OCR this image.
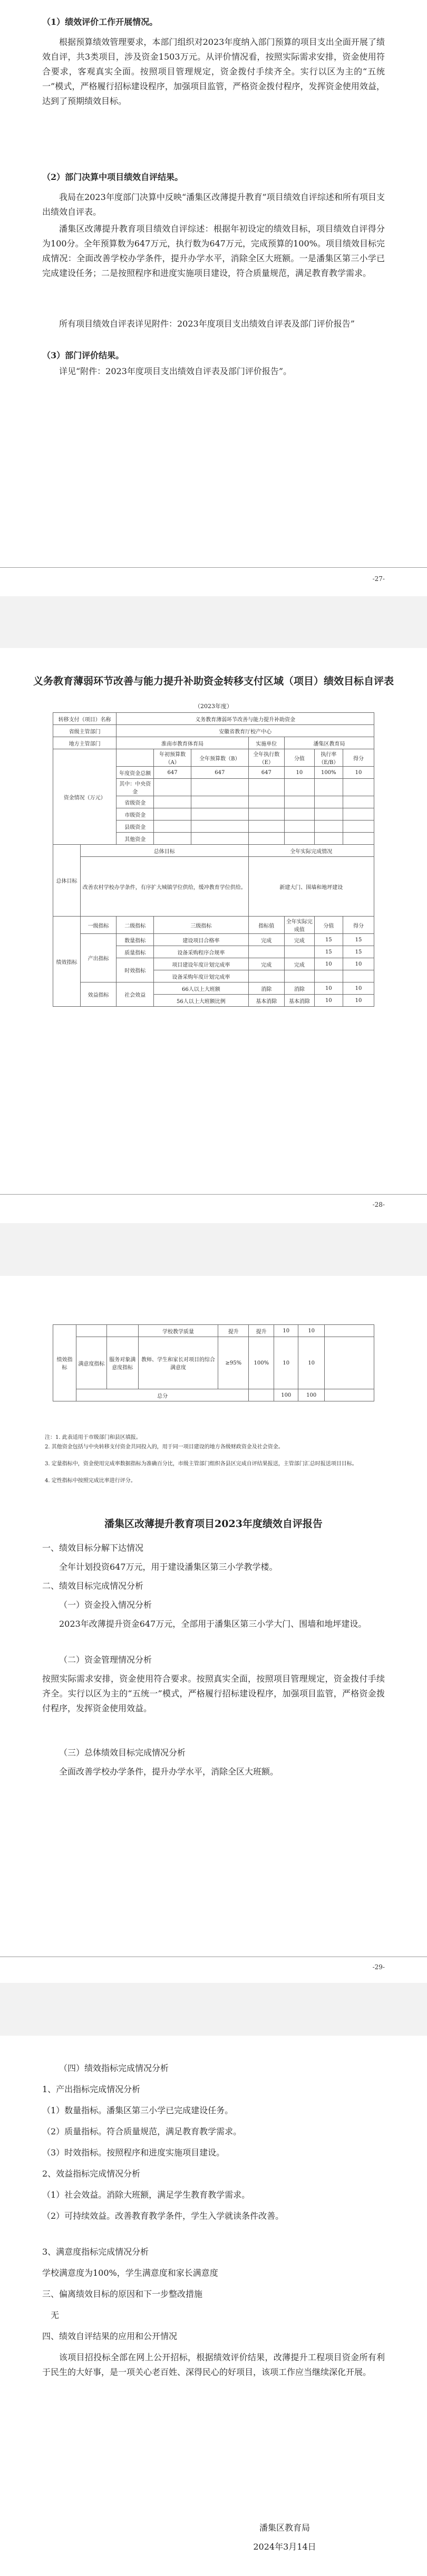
（1）绩效评价工作开展情况。
根据预算绩效管理要求，本部门组织对2023年度纳入部门预算的项目支出全面开展了绩效自评，共3类项目，涉及资金1503万元。从评价情况看，按照实际需求安排，资金使用符合要求，客观真实全面。按照项目管理规定，资金拨付手续齐全。实行以区为主的“五统一”模式，严格履行招标建设程序，加强项目监管，严格资金拨付程序，发挥资金使用效益，达到了预期绩效目标。
（2）部门决算中项目绩效自评结果。
我局在2023年度部门决算中反映“潘集区改薄提升教育”项目绩效自评综述和所有项目支出绩效自评表。
潘集区改薄提升教育项目绩效自评综述：根据年初设定的绩效目标，项目绩效自评得分为100分。全年预算数为647万元，执行数为647万元，完成预算的100%。项目绩效目标完成情况：全面改善学校办学条件，提升办学水平，消除全区大班额。一是潘集区第三小学已完成建设任务；二是按照程序和进度实施项目建设，符合质量规范，满足教育教学需求。
所有项目绩效自评表详见附件：2023年度项目支出绩效自评表及部门评价报告”
（3）部门评价结果。
详见“附件：2023年度项目支出绩效自评表及部门评价报告”。
-27-
义务教育薄弱环节改善与能力提升补助资金转移支付区域（项目）绩效目标自评表
（2023年度）
转移支付（项目）名称		义务教育薄弱环节改善与能力提升补助资金						
省级主管部门		安徽省教育厅校产中心						
地方主管部门		淮南市教育体育局			实施单位	潘集区教育局		
资金情况（万元）			年初预算数（A）	全年预算数（B）	全年执行数（E）	分值	执行率（E/B）	得分
		年度资金总额	647	647	647	10	100%	10
		其中：中央资金						
		省级资金						
		市级资金						
		县级资金						
		其他资金						
总体目标	总体目标				全年实际完成情况			
	改善农村学校办学条件，有序扩大城镇学位供给，缓冲教育学位供给。				新建大门、围墙和地坪建设			
绩效指标	一级指标	二级指标	三级指标		指标值	全年实际完成值	分值	得分
	产出指标	数量指标	建设项目合格率		完成	完成	15	15
		质量指标	设备采购程序合规率				15	15
		时效指标	项目建设年度计划完成率		完成	完成	10	10
			设备采购年度计划完成率					
	效益指标	社会效益	66人以上大班额		消除	消除	10	10
			56人以上大班额比例		基本消除	基本消除	10	10
-28-
绩效指标			学校教学质量	提升	提升	10	10	
	满意度指标	服务对象满意度指标	教师、学生和家长对项目的综合满意度	≥95%	100%	10	10	
	总分					100	100	
注：1. 此表适用于市级部门和县区填报。
2. 其他资金包括与中央转移支付资金共同投入的，用于同一项目建设的地方各级财政资金及社会资金。
3. 定量指标中，资金使用完成率数据指标为准确百分比，市级主管部门组织各县区完成自评结果报送，主管部门汇总时报送项目目标。
4. 定性指标中按照完成比率进行评分。
潘集区改薄提升教育项目2023年度绩效自评报告
一、绩效目标分解下达情况
全年计划投资647万元，用于建设潘集区第三小学教学楼。
二、绩效目标完成情况分析
（一）资金投入情况分析
2023年改薄提升资金647万元，全部用于潘集区第三小学大门、围墙和地坪建设。
（二）资金管理情况分析
按照实际需求安排，资金使用符合要求。按照真实全面，按照项目管理规定，资金拨付手续齐全。实行以区为主的“五统一”模式，严格履行招标建设程序，加强项目监管，严格资金拨付程序，发挥资金使用效益。
（三）总体绩效目标完成情况分析
全面改善学校办学条件，提升办学水平，消除全区大班额。
-29-
（四）绩效指标完成情况分析
1、产出指标完成情况分析
（1）数量指标。潘集区第三小学已完成建设任务。
（2）质量指标。符合质量规范，满足教育教学需求。
（3）时效指标。按照程序和进度实施项目建设。
2、效益指标完成情况分析
（1）社会效益。消除大班额，满足学生教育教学需求。
（2）可持续效益。改善教育教学条件，学生入学就读条件改善。
3、满意度指标完成情况分析
学校满意度为100%，学生满意度和家长满意度
三、偏离绩效目标的原因和下一步整改措施
无
四、绩效自评结果的应用和公开情况
该项目招投标全部在网上公开招标，根据绩效评价结果，改薄提升工程项目资金所有利于民生的大好事，是一项关心老百姓、深得民心的好项目，该项工作应当继续深化开展。
潘集区教育局
2024年3月14日
